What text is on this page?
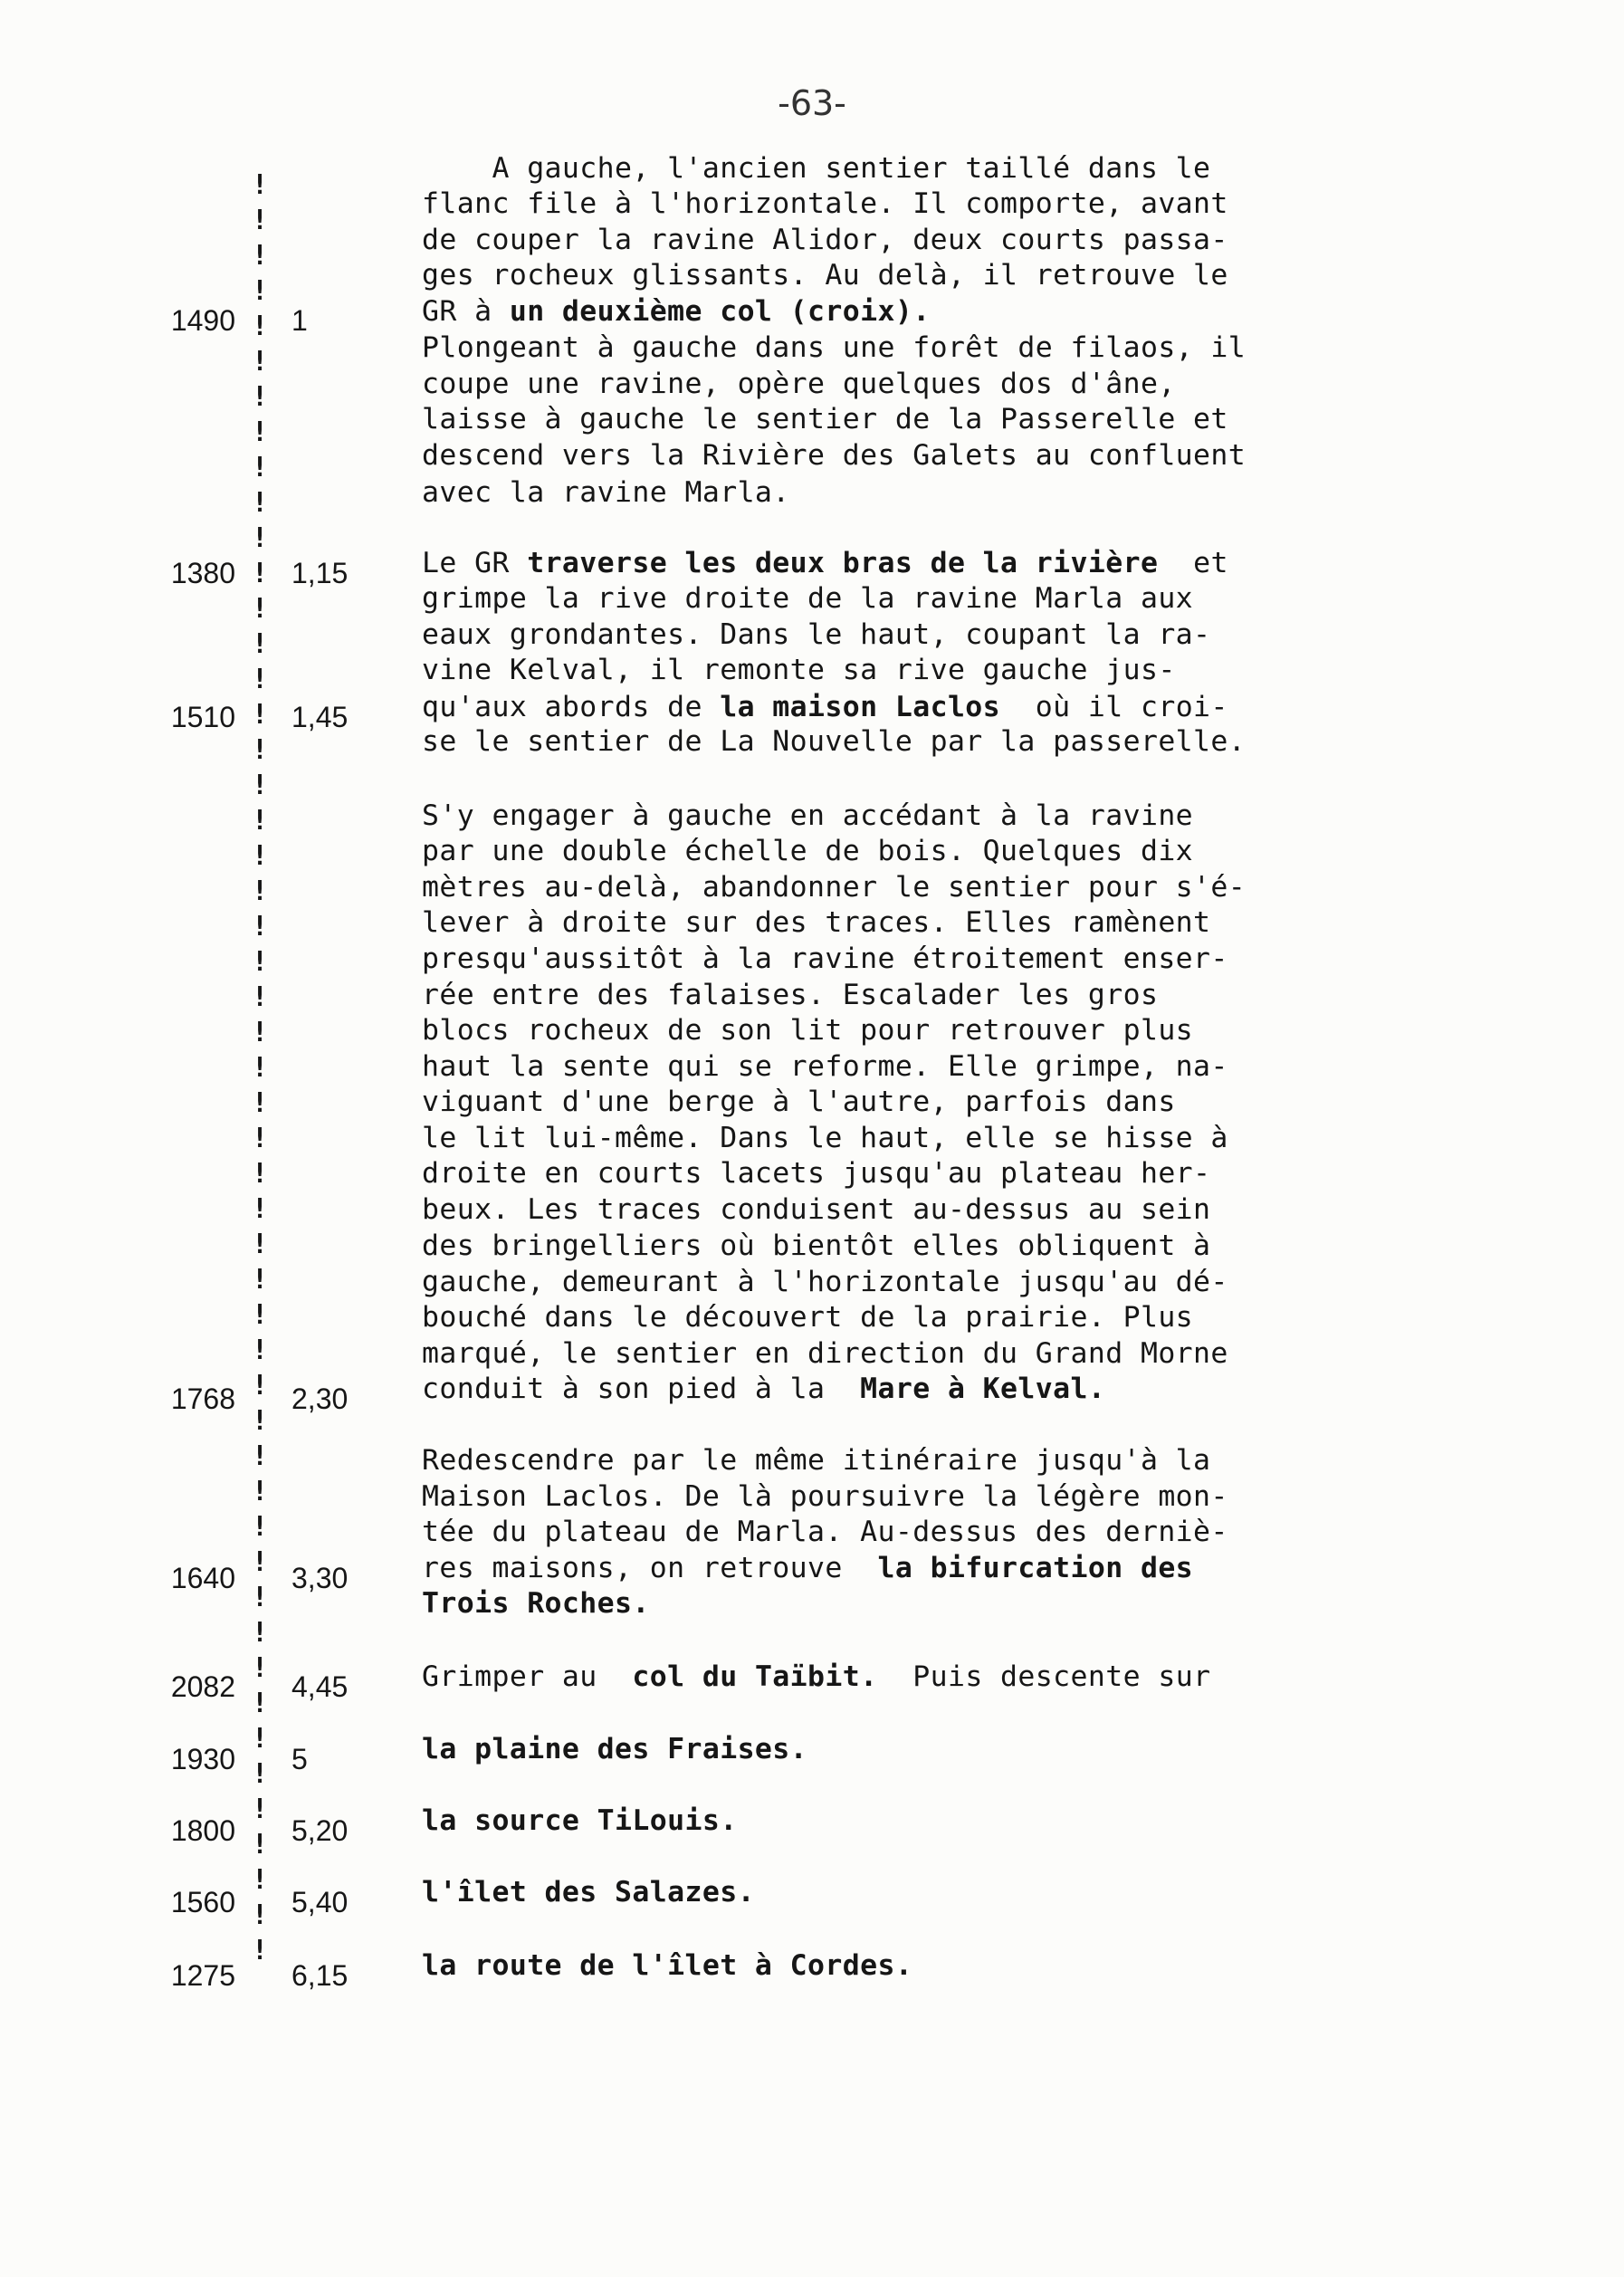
-63-
1490
1380
1510
1768
1640
2082
1930
1800
1560
1275
1
1,15
1,45
2,30
3,30
4,45
5
5,20
5,40
6,15
!
!
!
!
!
!
!
!
!
!
!
!
!
!
!
!
!
!
!
!
!
!
!
!
!
!
!
!
!
!
!
!
!
!
!
!
!
!
!
!
!
!
!
!
!
!
!
!
!
!
!
A gauche, l'ancien sentier taillé dans le
flanc file à l'horizontale. Il comporte, avant
de couper la ravine Alidor, deux courts passa-
ges rocheux glissants. Au delà, il retrouve le
GR à un deuxième col (croix).
Plongeant à gauche dans une forêt de filaos, il
coupe une ravine, opère quelques dos d'âne,
laisse à gauche le sentier de la Passerelle et
descend vers la Rivière des Galets au confluent
avec la ravine Marla.
Le GR traverse les deux bras de la rivière  et
grimpe la rive droite de la ravine Marla aux
eaux grondantes. Dans le haut, coupant la ra-
vine Kelval, il remonte sa rive gauche jus-
qu'aux abords de la maison Laclos  où il croi-
se le sentier de La Nouvelle par la passerelle.
S'y engager à gauche en accédant à la ravine
par une double échelle de bois. Quelques dix
mètres au-delà, abandonner le sentier pour s'é-
lever à droite sur des traces. Elles ramènent
presqu'aussitôt à la ravine étroitement enser-
rée entre des falaises. Escalader les gros
blocs rocheux de son lit pour retrouver plus
haut la sente qui se reforme. Elle grimpe, na-
viguant d'une berge à l'autre, parfois dans
le lit lui-même. Dans le haut, elle se hisse à
droite en courts lacets jusqu'au plateau her-
beux. Les traces conduisent au-dessus au sein
des bringelliers où bientôt elles obliquent à
gauche, demeurant à l'horizontale jusqu'au dé-
bouché dans le découvert de la prairie. Plus
marqué, le sentier en direction du Grand Morne
conduit à son pied à la  Mare à Kelval.
Redescendre par le même itinéraire jusqu'à la
Maison Laclos. De là poursuivre la légère mon-
tée du plateau de Marla. Au-dessus des derniè-
res maisons, on retrouve  la bifurcation des
Trois Roches.
Grimper au  col du Taïbit.  Puis descente sur
la plaine des Fraises.
la source TiLouis.
l'îlet des Salazes.
la route de l'îlet à Cordes.
